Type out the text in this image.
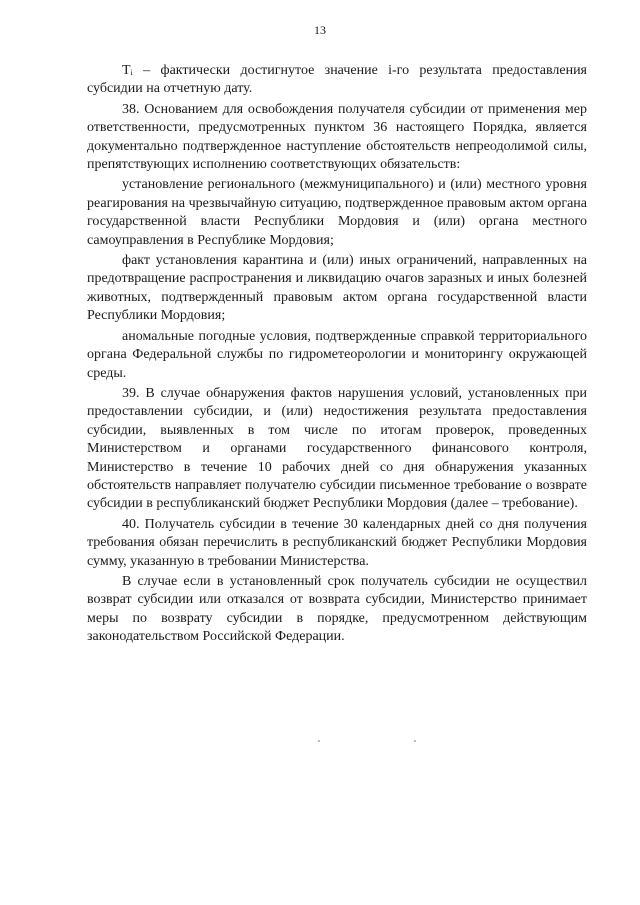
13

Tᵢ – фактически достигнутое значение i-го результата предоставления субсидии на отчетную дату.

38. Основанием для освобождения получателя субсидии от применения мер ответственности, предусмотренных пунктом 36 настоящего Порядка, является документально подтвержденное наступление обстоятельств непреодолимой силы, препятствующих исполнению соответствующих обязательств:

установление регионального (межмуниципального) и (или) местного уровня реагирования на чрезвычайную ситуацию, подтвержденное правовым актом органа государственной власти Республики Мордовия и (или) органа местного самоуправления в Республике Мордовия;

факт установления карантина и (или) иных ограничений, направленных на предотвращение распространения и ликвидацию очагов заразных и иных болезней животных, подтвержденный правовым актом органа государственной власти Республики Мордовия;

аномальные погодные условия, подтвержденные справкой территориального органа Федеральной службы по гидрометеорологии и мониторингу окружающей среды.

39. В случае обнаружения фактов нарушения условий, установленных при предоставлении субсидии, и (или) недостижения результата предоставления субсидии, выявленных в том числе по итогам проверок, проведенных Министерством и органами государственного финансового контроля, Министерство в течение 10 рабочих дней со дня обнаружения указанных обстоятельств направляет получателю субсидии письменное требование о возврате субсидии в республиканский бюджет Республики Мордовия (далее – требование).

40. Получатель субсидии в течение 30 календарных дней со дня получения требования обязан перечислить в республиканский бюджет Республики Мордовия сумму, указанную в требовании Министерства.

В случае если в установленный срок получатель субсидии не осуществил возврат субсидии или отказался от возврата субсидии, Министерство принимает меры по возврату субсидии в порядке, предусмотренном действующим законодательством Российской Федерации.
